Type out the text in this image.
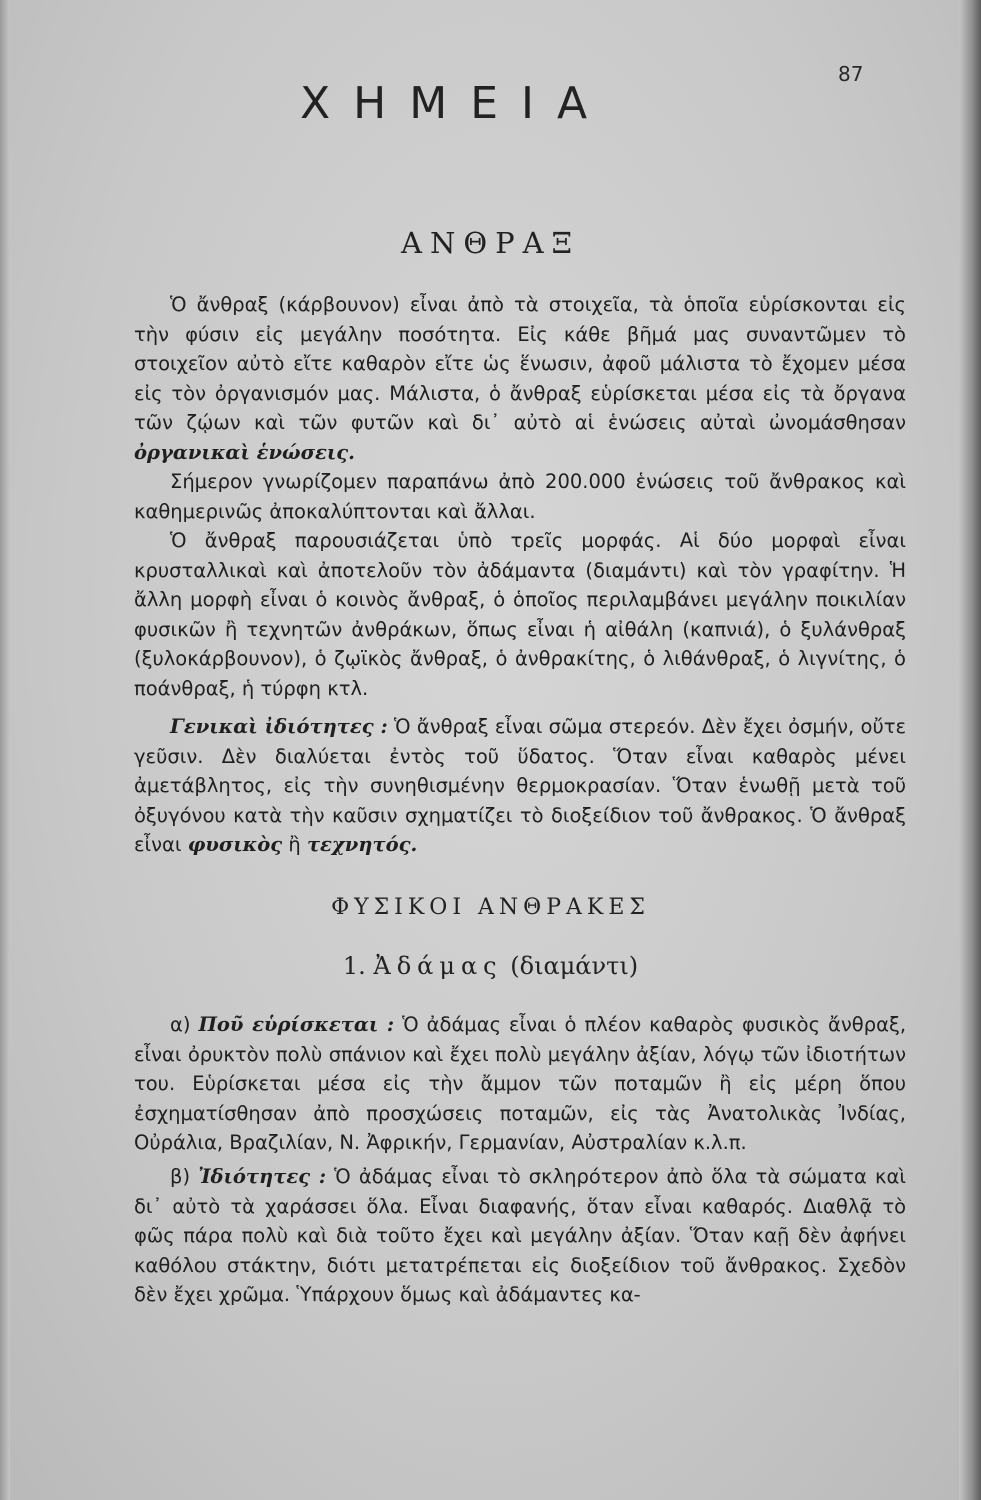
87
ΧΗΜΕΙΑ
ΑΝΘΡΑΞ

Ὁ ἄνθραξ (κάρβουνον) εἶναι ἀπὸ τὰ στοιχεῖα, τὰ ὁποῖα εὑρίσκονται εἰς τὴν φύσιν εἰς μεγάλην ποσότητα. Εἰς κάθε βῆμά μας συναντῶμεν τὸ στοιχεῖον αὐτὸ εἴτε καθαρὸν εἴτε ὡς ἕνωσιν, ἀφοῦ μάλιστα τὸ ἔχομεν μέσα εἰς τὸν ὀργανισμόν μας. Μάλιστα, ὁ ἄνθραξ εὑρίσκεται μέσα εἰς τὰ ὄργανα τῶν ζῴων καὶ τῶν φυτῶν καὶ δι᾽ αὐτὸ αἱ ἑνώσεις αὐταὶ ὠνομάσθησαν ὀργανικαὶ ἑνώσεις.

Σήμερον γνωρίζομεν παραπάνω ἀπὸ 200.000 ἑνώσεις τοῦ ἄνθρακος καὶ καθημερινῶς ἀποκαλύπτονται καὶ ἄλλαι.

Ὁ ἄνθραξ παρουσιάζεται ὑπὸ τρεῖς μορφάς. Αἱ δύο μορφαὶ εἶναι κρυσταλλικαὶ καὶ ἀποτελοῦν τὸν ἀδάμαντα (διαμάντι) καὶ τὸν γραφίτην. Ἡ ἄλλη μορφὴ εἶναι ὁ κοινὸς ἄνθραξ, ὁ ὁποῖος περιλαμβάνει μεγάλην ποικιλίαν φυσικῶν ἢ τεχνητῶν ἀνθράκων, ὅπως εἶναι ἡ αἰθάλη (καπνιά), ὁ ξυλάνθραξ (ξυλοκάρβουνον), ὁ ζῳϊκὸς ἄνθραξ, ὁ ἀνθρακίτης, ὁ λιθάνθραξ, ὁ λιγνίτης, ὁ ποάνθραξ, ἡ τύρφη κτλ.

Γενικαὶ ἰδιότητες : Ὁ ἄνθραξ εἶναι σῶμα στερεόν. Δὲν ἔχει ὀσμήν, οὔτε γεῦσιν. Δὲν διαλύεται ἐντὸς τοῦ ὕδατος. Ὅταν εἶναι καθαρὸς μένει ἀμετάβλητος, εἰς τὴν συνηθισμένην θερμοκρασίαν. Ὅταν ἑνωθῇ μετὰ τοῦ ὀξυγόνου κατὰ τὴν καῦσιν σχηματίζει τὸ διοξείδιον τοῦ ἄνθρακος. Ὁ ἄνθραξ εἶναι φυσικὸς ἢ τεχνητός.

ΦΥΣΙΚΟΙ ΑΝΘΡΑΚΕΣ
1. Ἀδάμας (διαμάντι)

α) Ποῦ εὑρίσκεται : Ὁ ἀδάμας εἶναι ὁ πλέον καθαρὸς φυσικὸς ἄνθραξ, εἶναι ὀρυκτὸν πολὺ σπάνιον καὶ ἔχει πολὺ μεγάλην ἀξίαν, λόγῳ τῶν ἰδιοτήτων του. Εὑρίσκεται μέσα εἰς τὴν ἄμμον τῶν ποταμῶν ἢ εἰς μέρη ὅπου ἐσχηματίσθησαν ἀπὸ προσχώσεις ποταμῶν, εἰς τὰς Ἀνατολικὰς Ἰνδίας, Οὐράλια, Βραζιλίαν, Ν. Ἀφρικήν, Γερμανίαν, Αὐστραλίαν κ.λ.π.

β) Ἰδιότητες : Ὁ ἀδάμας εἶναι τὸ σκληρότερον ἀπὸ ὅλα τὰ σώματα καὶ δι᾽ αὐτὸ τὰ χαράσσει ὅλα. Εἶναι διαφανής, ὅταν εἶναι καθαρός. Διαθλᾷ τὸ φῶς πάρα πολὺ καὶ διὰ τοῦτο ἔχει καὶ μεγάλην ἀξίαν. Ὅταν καῇ δὲν ἀφήνει καθόλου στάκτην, διότι μετατρέπεται εἰς διοξείδιον τοῦ ἄνθρακος. Σχεδὸν δὲν ἔχει χρῶμα. Ὑπάρχουν ὅμως καὶ ἀδάμαντες κα-
